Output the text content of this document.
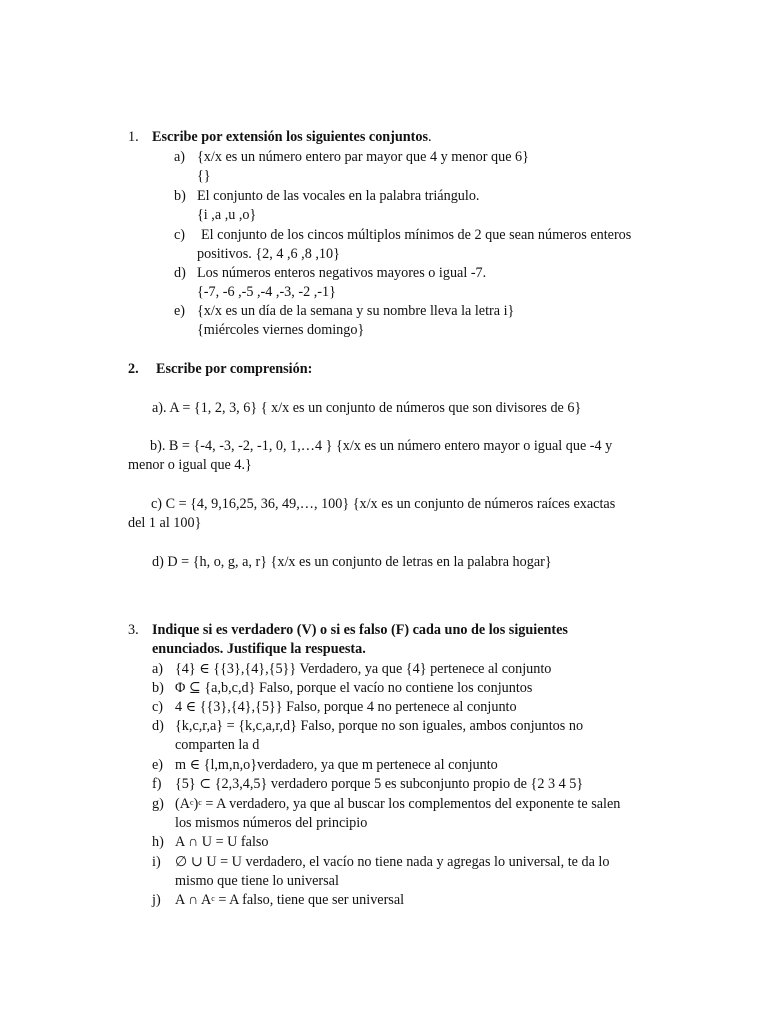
1. Escribe por extensión los siguientes conjuntos.
a) {x/x es un número entero par mayor que 4 y menor que 6}
{}
b) El conjunto de las vocales en la palabra triángulo.
{i ,a ,u ,o}
c) El conjunto de los cincos múltiplos mínimos de 2 que sean números enteros
positivos. {2, 4 ,6 ,8 ,10}
d) Los números enteros negativos mayores o igual -7.
{-7, -6 ,-5 ,-4 ,-3, -2 ,-1}
e) {x/x es un día de la semana y su nombre lleva la letra i}
{miércoles viernes domingo}
2. Escribe por comprensión:
a). A = {1, 2, 3, 6} { x/x es un conjunto de números que son divisores de 6}
b). B = {-4, -3, -2, -1, 0, 1,…4 } {x/x es un número entero mayor o igual que -4 y
menor o igual que 4.}
c) C = {4, 9,16,25, 36, 49,…, 100} {x/x es un conjunto de números raíces exactas
del 1 al 100}
d) D = {h, o, g, a, r} {x/x es un conjunto de letras en la palabra hogar}
3. Indique si es verdadero (V) o si es falso (F) cada uno de los siguientes
enunciados. Justifique la respuesta.
a) {4} ∈ {{3},{4},{5}} Verdadero, ya que {4} pertenece al conjunto
b) Φ ⊆ {a,b,c,d} Falso, porque el vacío no contiene los conjuntos
c) 4 ∈ {{3},{4},{5}} Falso, porque 4 no pertenece al conjunto
d) {k,c,r,a} = {k,c,a,r,d} Falso, porque no son iguales, ambos conjuntos no
comparten la d
e) m ∈ {l,m,n,o}verdadero, ya que m pertenece al conjunto
f) {5} ⊂ {2,3,4,5} verdadero porque 5 es subconjunto propio de {2 3 4 5}
g) $(A^c)^c = A$ verdadero, ya que al buscar los complementos del exponente te salen
los mismos números del principio
h) A ∩ U = U falso
i) ∅ ∪ U = U verdadero, el vacío no tiene nada y agregas lo universal, te da lo
mismo que tiene lo universal
j) A ∩ $A^c = A$ falso, tiene que ser universal
